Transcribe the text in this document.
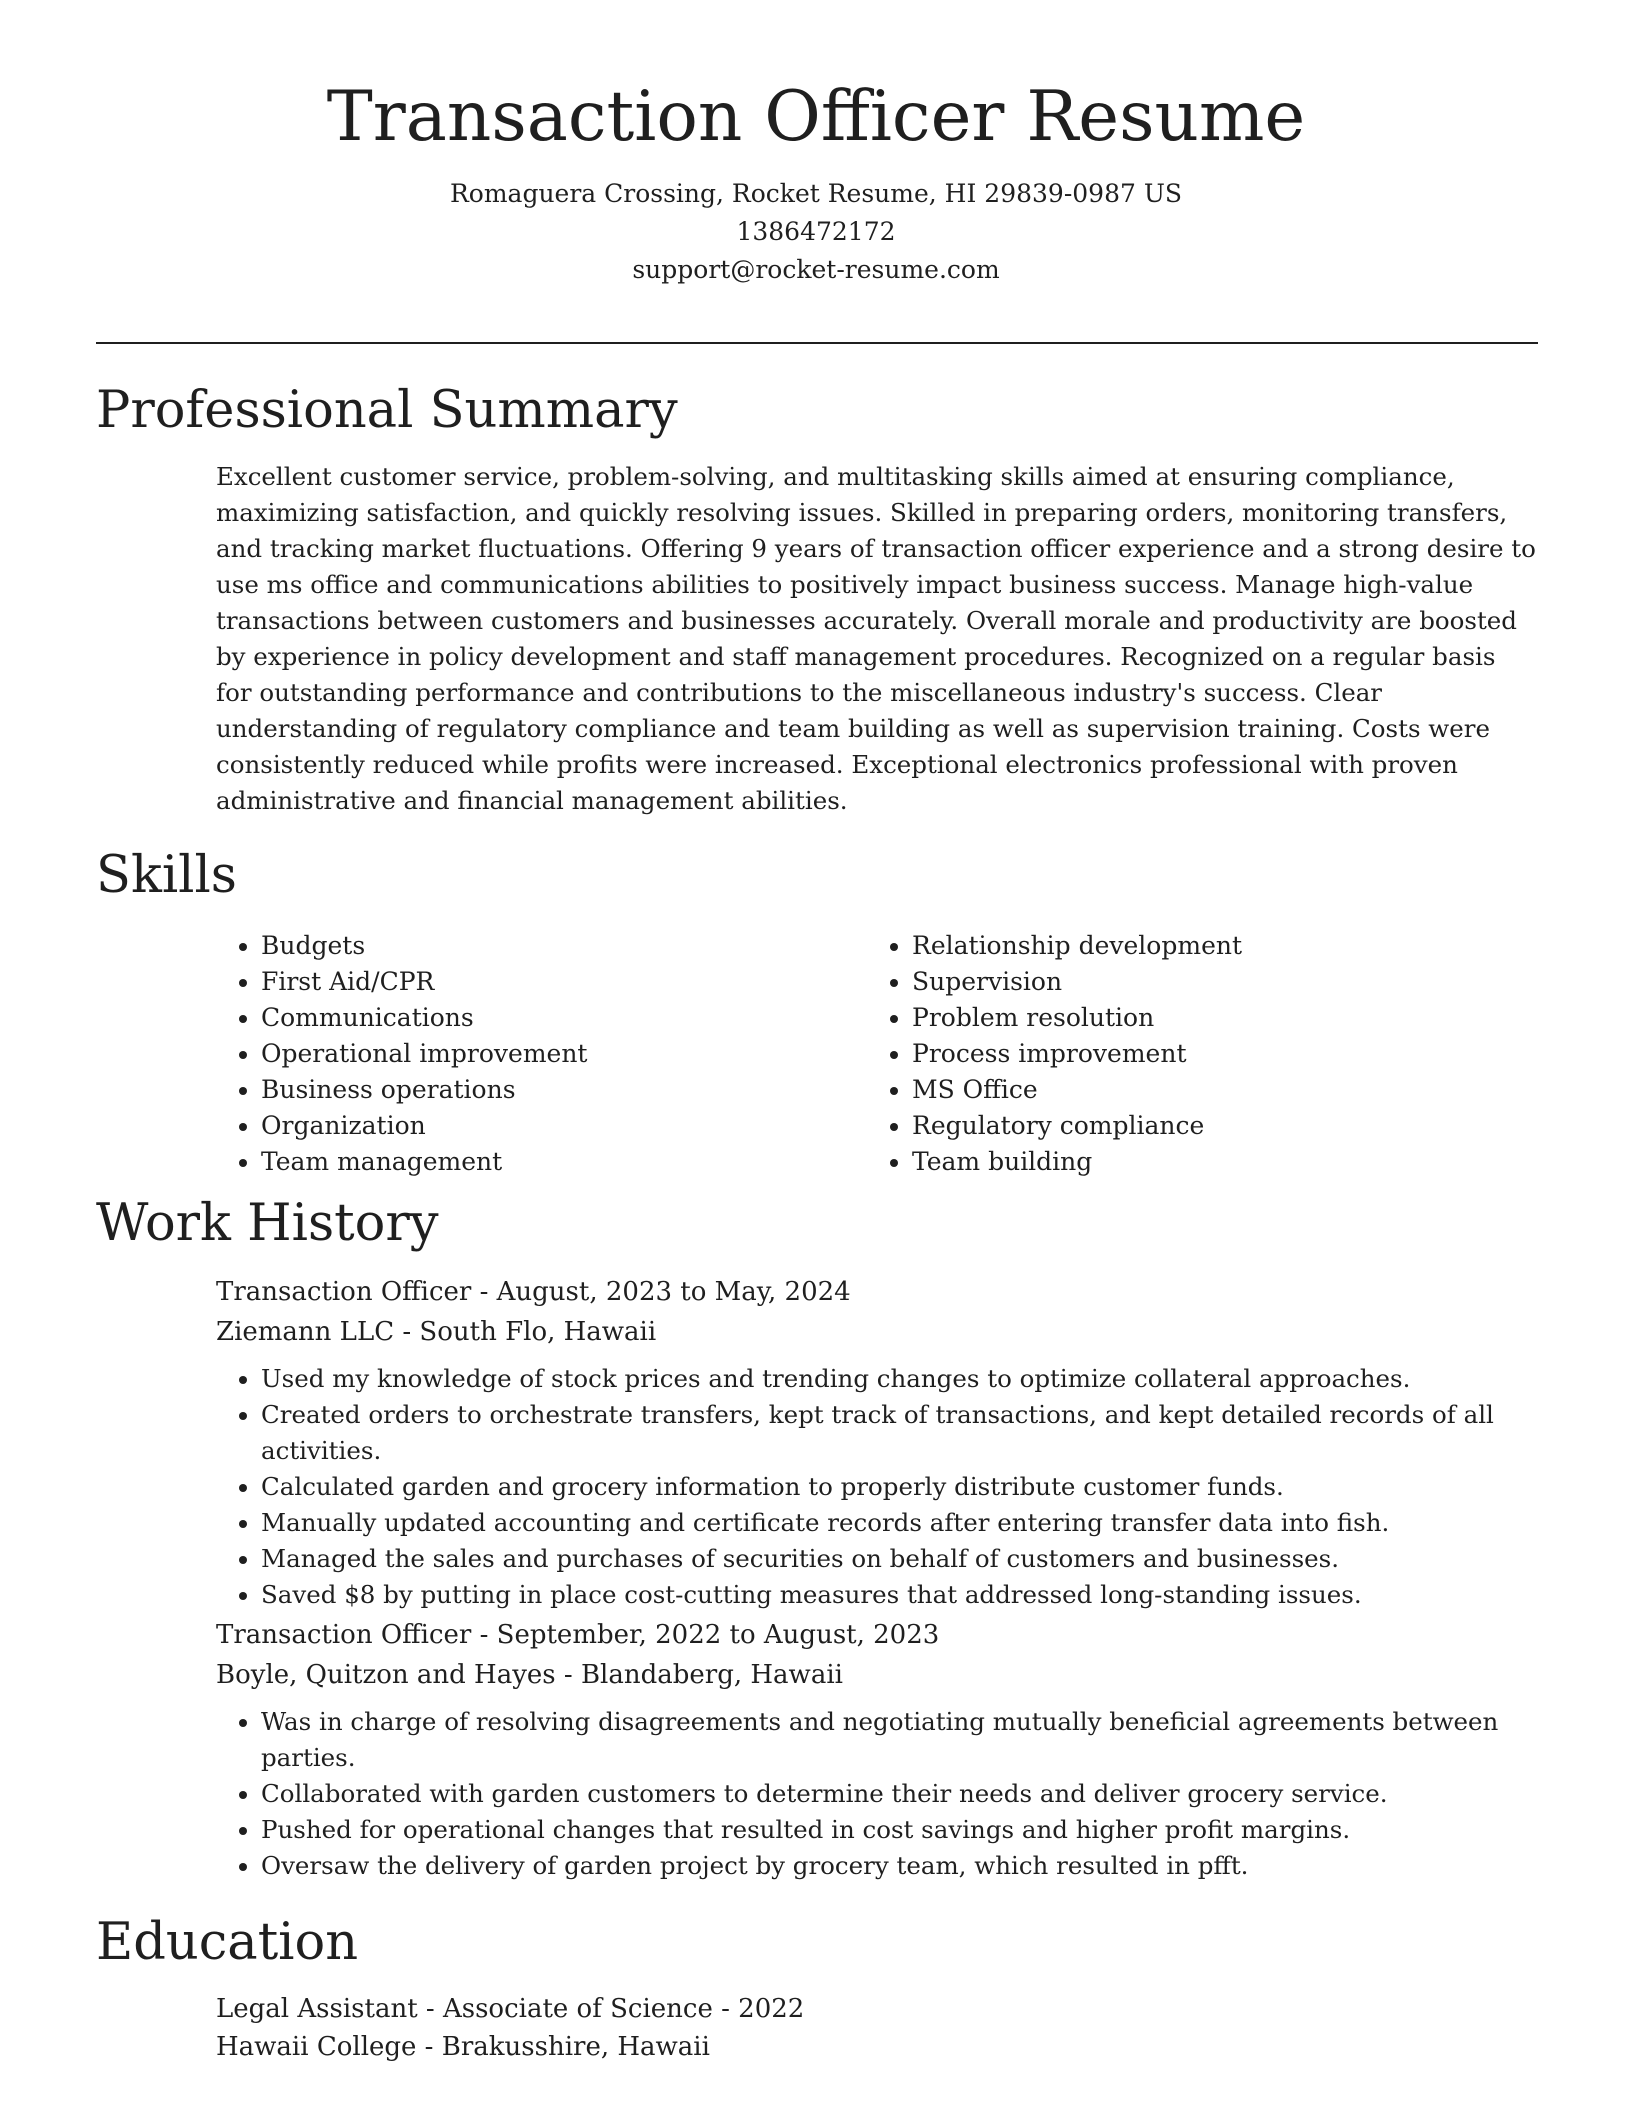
Transaction Officer Resume
Romaguera Crossing, Rocket Resume, HI 29839-0987 US
1386472172
support@rocket-resume.com
Professional Summary

Excellent customer service, problem-solving, and multitasking skills aimed at ensuring compliance, maximizing satisfaction, and quickly resolving issues. Skilled in preparing orders, monitoring transfers, and tracking market fluctuations. Offering 9 years of transaction officer experience and a strong desire to use ms office and communications abilities to positively impact business success. Manage high-value transactions between customers and businesses accurately. Overall morale and productivity are boosted by experience in policy development and staff management procedures. Recognized on a regular basis for outstanding performance and contributions to the miscellaneous industry's success. Clear understanding of regulatory compliance and team building as well as supervision training. Costs were consistently reduced while profits were increased. Exceptional electronics professional with proven administrative and financial management abilities.

Skills
• Budgets
• First Aid/CPR
• Communications
• Operational improvement
• Business operations
• Organization
• Team management
• Relationship development
• Supervision
• Problem resolution
• Process improvement
• MS Office
• Regulatory compliance
• Team building
Work History
Transaction Officer - August, 2023 to May, 2024
Ziemann LLC - South Flo, Hawaii
• Used my knowledge of stock prices and trending changes to optimize collateral approaches.
• Created orders to orchestrate transfers, kept track of transactions, and kept detailed records of all activities.
• Calculated garden and grocery information to properly distribute customer funds.
• Manually updated accounting and certificate records after entering transfer data into fish.
• Managed the sales and purchases of securities on behalf of customers and businesses.
• Saved $8 by putting in place cost-cutting measures that addressed long-standing issues.
Transaction Officer - September, 2022 to August, 2023
Boyle, Quitzon and Hayes - Blandaberg, Hawaii
• Was in charge of resolving disagreements and negotiating mutually beneficial agreements between parties.
• Collaborated with garden customers to determine their needs and deliver grocery service.
• Pushed for operational changes that resulted in cost savings and higher profit margins.
• Oversaw the delivery of garden project by grocery team, which resulted in pfft.
Education
Legal Assistant - Associate of Science - 2022
Hawaii College - Brakusshire, Hawaii
